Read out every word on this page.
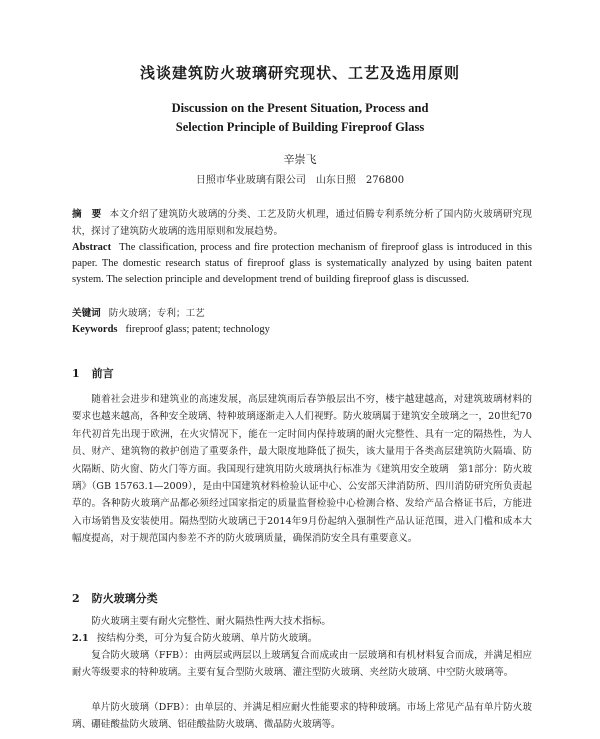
浅谈建筑防火玻璃研究现状、工艺及选用原则
Discussion on the Present Situation, Process and
Selection Principle of Building Fireproof Glass
辛崇飞
日照市华业玻璃有限公司　山东日照　276800
摘　要 本文介绍了建筑防火玻璃的分类、工艺及防火机理，通过佰腾专利系统分析了国内防火玻璃研究现状，探讨了建筑防火玻璃的选用原则和发展趋势。
Abstract The classification, process and fire protection mechanism of fireproof glass is introduced in this paper. The domestic research status of fireproof glass is systematically analyzed by using baiten patent system. The selection principle and development trend of building fireproof glass is discussed.
关键词 防火玻璃；专利；工艺
Keywords fireproof glass; patent; technology
1 前言
随着社会进步和建筑业的高速发展，高层建筑雨后春笋般层出不穷，楼宇越建越高，对建筑玻璃材料的要求也越来越高，各种安全玻璃、特种玻璃逐渐走入人们视野。防火玻璃属于建筑安全玻璃之一，20世纪70年代初首先出现于欧洲，在火灾情况下，能在一定时间内保持玻璃的耐火完整性、具有一定的隔热性，为人员、财产、建筑物的救护创造了重要条件，最大限度地降低了损失，该大量用于各类高层建筑防火隔墙、防火隔断、防火窗、防火门等方面。我国现行建筑用防火玻璃执行标准为《建筑用安全玻璃　第1部分：防火玻璃》（GB 15763.1—2009），是由中国建筑材料检验认证中心、公安部天津消防所、四川消防研究所负责起草的。各种防火玻璃产品都必须经过国家指定的质量监督检验中心检测合格、发给产品合格证书后，方能进入市场销售及安装使用。隔热型防火玻璃已于2014年9月份起纳入强制性产品认证范围，进入门槛和成本大幅度提高，对于规范国内参差不齐的防火玻璃质量，确保消防安全具有重要意义。
2 防火玻璃分类
防火玻璃主要有耐火完整性、耐火隔热性两大技术指标。
2.1 按结构分类，可分为复合防火玻璃、单片防火玻璃。
复合防火玻璃（FFB）：由两层或两层以上玻璃复合而成或由一层玻璃和有机材料复合而成，并满足相应耐火等级要求的特种玻璃。主要有复合型防火玻璃、灌注型防火玻璃、夹丝防火玻璃、中空防火玻璃等。
单片防火玻璃（DFB）：由单层的、并满足相应耐火性能要求的特种玻璃。市场上常见产品有单片防火玻璃、硼硅酸盐防火玻璃、铝硅酸盐防火玻璃、微晶防火玻璃等。
